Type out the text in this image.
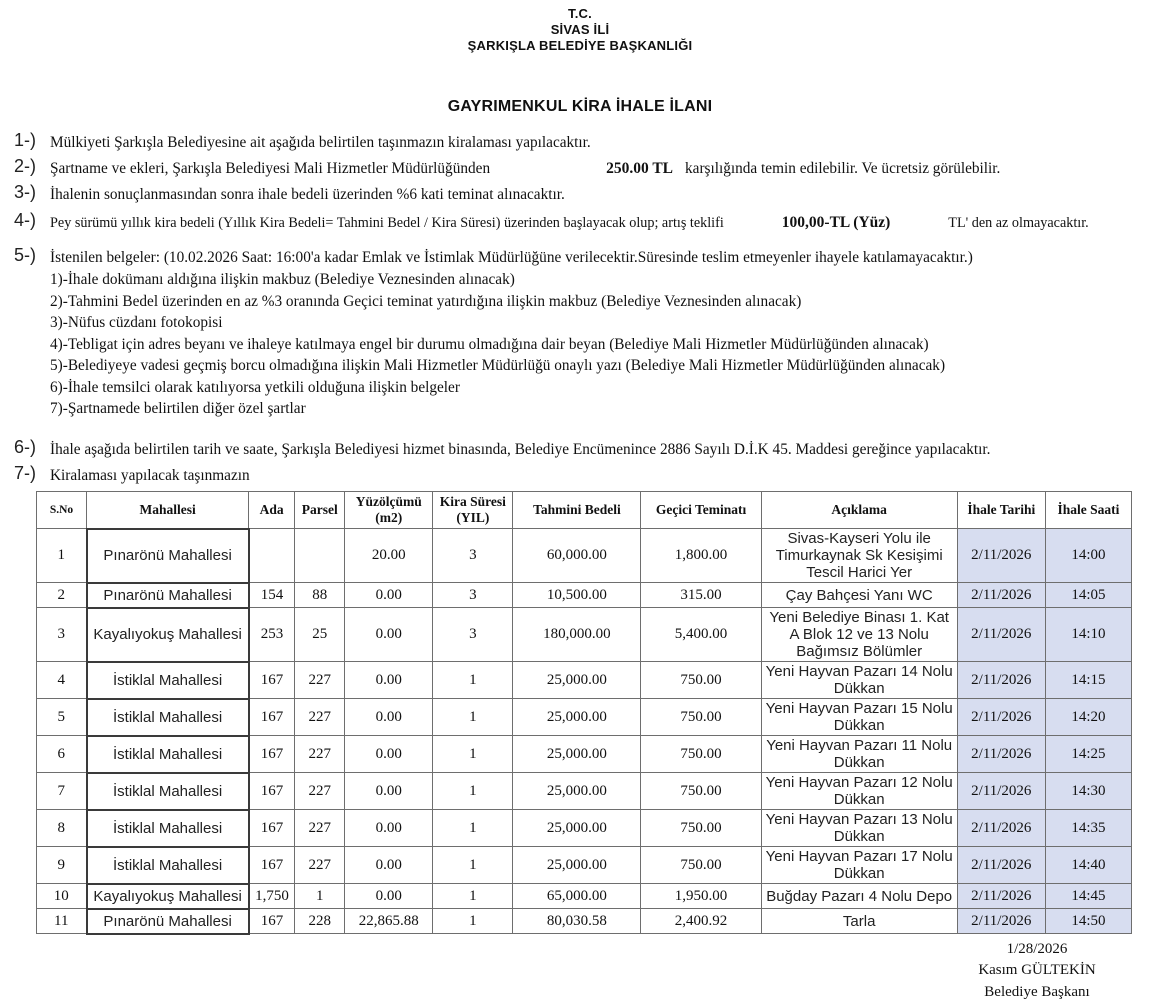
T.C.
SİVAS İLİ
ŞARKIŞLA BELEDİYE BAŞKANLIĞI
GAYRIMENKUL KİRA İHALE İLANI
1-) Mülkiyeti Şarkışla Belediyesine ait aşağıda belirtilen taşınmazın kiralaması yapılacaktır.
2-) Şartname ve ekleri, Şarkışla Belediyesi Mali Hizmetler Müdürlüğünden	250.00 TL karşılığında temin edilebilir. Ve ücretsiz görülebilir.
3-) İhalenin sonuçlanmasından sonra ihale bedeli üzerinden %6 kati teminat alınacaktır.
4-) Pey sürümü yıllık kira bedeli (Yıllık Kira Bedeli= Tahmini Bedel / Kira Süresi) üzerinden başlayacak olup; artış teklifi	100,00-TL (Yüz)	TL' den az olmayacaktır.
5-) İstenilen belgeler: (10.02.2026 Saat: 16:00'a kadar Emlak ve İstimlak Müdürlüğüne verilecektir.Süresinde teslim etmeyenler ihayele katılamayacaktır.)
1)-İhale dokümanı aldığına ilişkin makbuz (Belediye Veznesinden alınacak)
2)-Tahmini Bedel üzerinden en az %3 oranında Geçici teminat yatırdığına ilişkin makbuz (Belediye Veznesinden alınacak)
3)-Nüfus cüzdanı fotokopisi
4)-Tebligat için adres beyanı ve ihaleye katılmaya engel bir durumu olmadığına dair beyan (Belediye Mali Hizmetler Müdürlüğünden alınacak)
5)-Belediyeye vadesi geçmiş borcu olmadığına ilişkin Mali Hizmetler Müdürlüğü onaylı yazı (Belediye Mali Hizmetler Müdürlüğünden alınacak)
6)-İhale temsilci olarak katılıyorsa yetkili olduğuna ilişkin belgeler
7)-Şartnamede belirtilen diğer özel şartlar
6-) İhale aşağıda belirtilen tarih ve saate, Şarkışla Belediyesi hizmet binasında, Belediye Encümenince 2886 Sayılı D.İ.K 45. Maddesi gereğince yapılacaktır.
7-) Kiralaması yapılacak taşınmazın
S.No	Mahallesi	Ada	Parsel	Yüzölçümü (m2)	Kira Süresi (YIL)	Tahmini Bedeli	Geçici Teminatı	Açıklama	İhale Tarihi	İhale Saati
1	Pınarönü Mahallesi			20.00	3	60,000.00	1,800.00	Sivas-Kayseri Yolu ile Timurkaynak Sk Kesişimi Tescil Harici Yer	2/11/2026	14:00
2	Pınarönü Mahallesi	154	88	0.00	3	10,500.00	315.00	Çay Bahçesi Yanı WC	2/11/2026	14:05
3	Kayalıyokuş Mahallesi	253	25	0.00	3	180,000.00	5,400.00	Yeni Belediye Binası 1. Kat A Blok 12 ve 13 Nolu Bağımsız Bölümler	2/11/2026	14:10
4	İstiklal Mahallesi	167	227	0.00	1	25,000.00	750.00	Yeni Hayvan Pazarı 14 Nolu Dükkan	2/11/2026	14:15
5	İstiklal Mahallesi	167	227	0.00	1	25,000.00	750.00	Yeni Hayvan Pazarı 15 Nolu Dükkan	2/11/2026	14:20
6	İstiklal Mahallesi	167	227	0.00	1	25,000.00	750.00	Yeni Hayvan Pazarı 11 Nolu Dükkan	2/11/2026	14:25
7	İstiklal Mahallesi	167	227	0.00	1	25,000.00	750.00	Yeni Hayvan Pazarı 12 Nolu Dükkan	2/11/2026	14:30
8	İstiklal Mahallesi	167	227	0.00	1	25,000.00	750.00	Yeni Hayvan Pazarı 13 Nolu Dükkan	2/11/2026	14:35
9	İstiklal Mahallesi	167	227	0.00	1	25,000.00	750.00	Yeni Hayvan Pazarı 17 Nolu Dükkan	2/11/2026	14:40
10	Kayalıyokuş Mahallesi	1,750	1	0.00	1	65,000.00	1,950.00	Buğday Pazarı 4 Nolu Depo	2/11/2026	14:45
11	Pınarönü Mahallesi	167	228	22,865.88	1	80,030.58	2,400.92	Tarla	2/11/2026	14:50
1/28/2026
Kasım GÜLTEKİN
Belediye Başkanı
